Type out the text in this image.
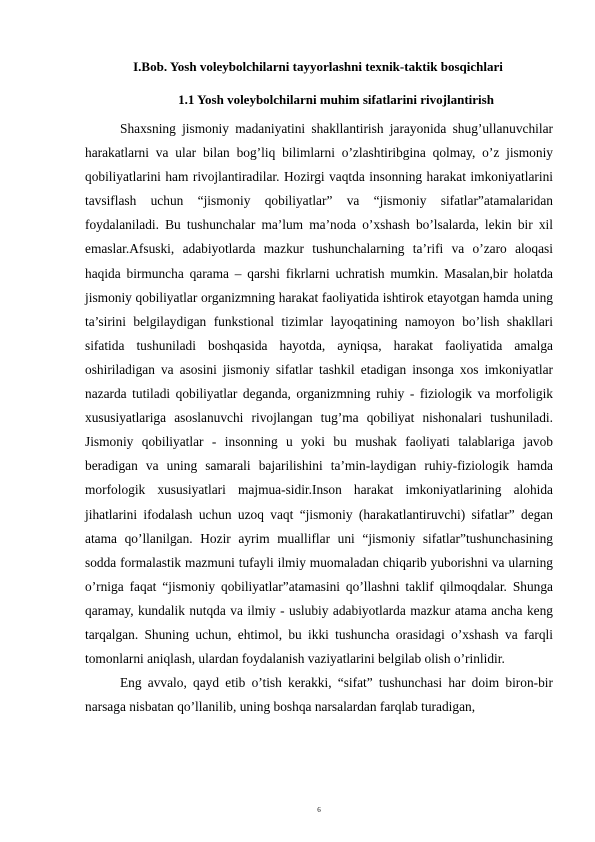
I.Bob. Yosh voleybolchilarni tayyorlashni texnik-taktik bosqichlari
1.1 Yosh voleybolchilarni muhim sifatlarini rivojlantirish

Shaxsning jismoniy madaniyatini shakllantirish jarayonida shug’ullanuvchilar harakatlarni va ular bilan bog’liq bilimlarni o’zlashtiribgina qolmay, o’z jismoniy qobiliyatlarini ham rivojlantiradilar. Hozirgi vaqtda insonning harakat imkoniyatlarini tavsiflash uchun “jismoniy qobiliyatlar” va “jismoniy sifatlar”atamalaridan foydalaniladi. Bu tushunchalar ma’lum ma’noda o’xshash bo’lsalarda, lekin bir xil emaslar.Afsuski, adabiyotlarda mazkur tushunchalarning ta’rifi va o’zaro aloqasi haqida birmuncha qarama – qarshi fikrlarni uchratish mumkin. Masalan,bir holatda jismoniy qobiliyatlar organizmning harakat faoliyatida ishtirok etayotgan hamda uning ta’sirini belgilaydigan funkstional tizimlar layoqatining namoyon bo’lish shakllari sifatida tushuniladi boshqasida hayotda, ayniqsa, harakat faoliyatida amalga oshiriladigan va asosini jismoniy sifatlar tashkil etadigan insonga xos imkoniyatlar nazarda tutiladi qobiliyatlar deganda, organizmning ruhiy - fiziologik va morfoligik xususiyatlariga asoslanuvchi rivojlangan tug’ma qobiliyat nishonalari tushuniladi. Jismoniy qobiliyatlar - insonning u yoki bu mushak faoliyati talablariga javob beradigan va uning samarali bajarilishini ta’min-laydigan ruhiy-fiziologik hamda morfologik xususiyatlari majmua-sidir.Inson harakat imkoniyatlarining alohida jihatlarini ifodalash uchun uzoq vaqt “jismoniy (harakatlantiruvchi) sifatlar” degan atama qo’llanilgan. Hozir ayrim mualliflar uni “jismoniy sifatlar”tushunchasining sodda formalastik mazmuni tufayli ilmiy muomaladan chiqarib yuborishni va ularning o’rniga faqat “jismoniy qobiliyatlar”atamasini qo’llashni taklif qilmoqdalar. Shunga qaramay, kundalik nutqda va ilmiy - uslubiy adabiyotlarda mazkur atama ancha keng tarqalgan. Shuning uchun, ehtimol, bu ikki tushuncha orasidagi o’xshash va farqli tomonlarni aniqlash, ulardan foydalanish vaziyatlarini belgilab olish o’rinlidir.

Eng avvalo, qayd etib o’tish kerakki, “sifat” tushunchasi har doim biron-bir narsaga nisbatan qo’llanilib, uning boshqa narsalardan farqlab turadigan,

6
